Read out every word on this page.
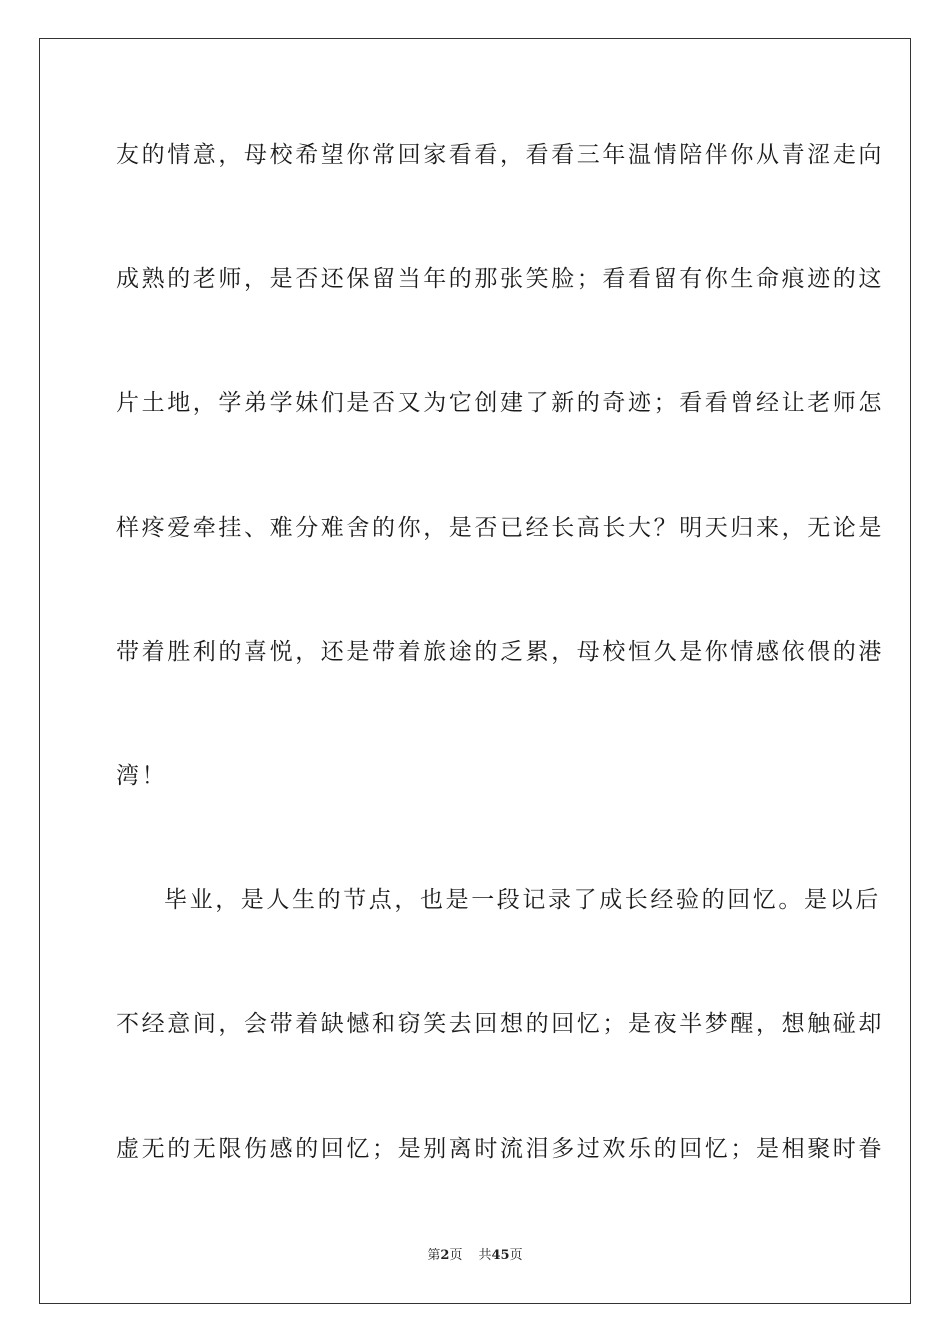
友的情意，母校希望你常回家看看，看看三年温情陪伴你从青涩走向
成熟的老师，是否还保留当年的那张笑脸；看看留有你生命痕迹的这
片土地，学弟学妹们是否又为它创建了新的奇迹；看看曾经让老师怎
样疼爱牵挂、难分难舍的你，是否已经长高长大？明天归来，无论是
带着胜利的喜悦，还是带着旅途的乏累，母校恒久是你情感依偎的港
湾！
毕业，是人生的节点，也是一段记录了成长经验的回忆。是以后
不经意间，会带着缺憾和窃笑去回想的回忆；是夜半梦醒，想触碰却
虚无的无限伤感的回忆；是别离时流泪多过欢乐的回忆；是相聚时眷
第2页 共45页
